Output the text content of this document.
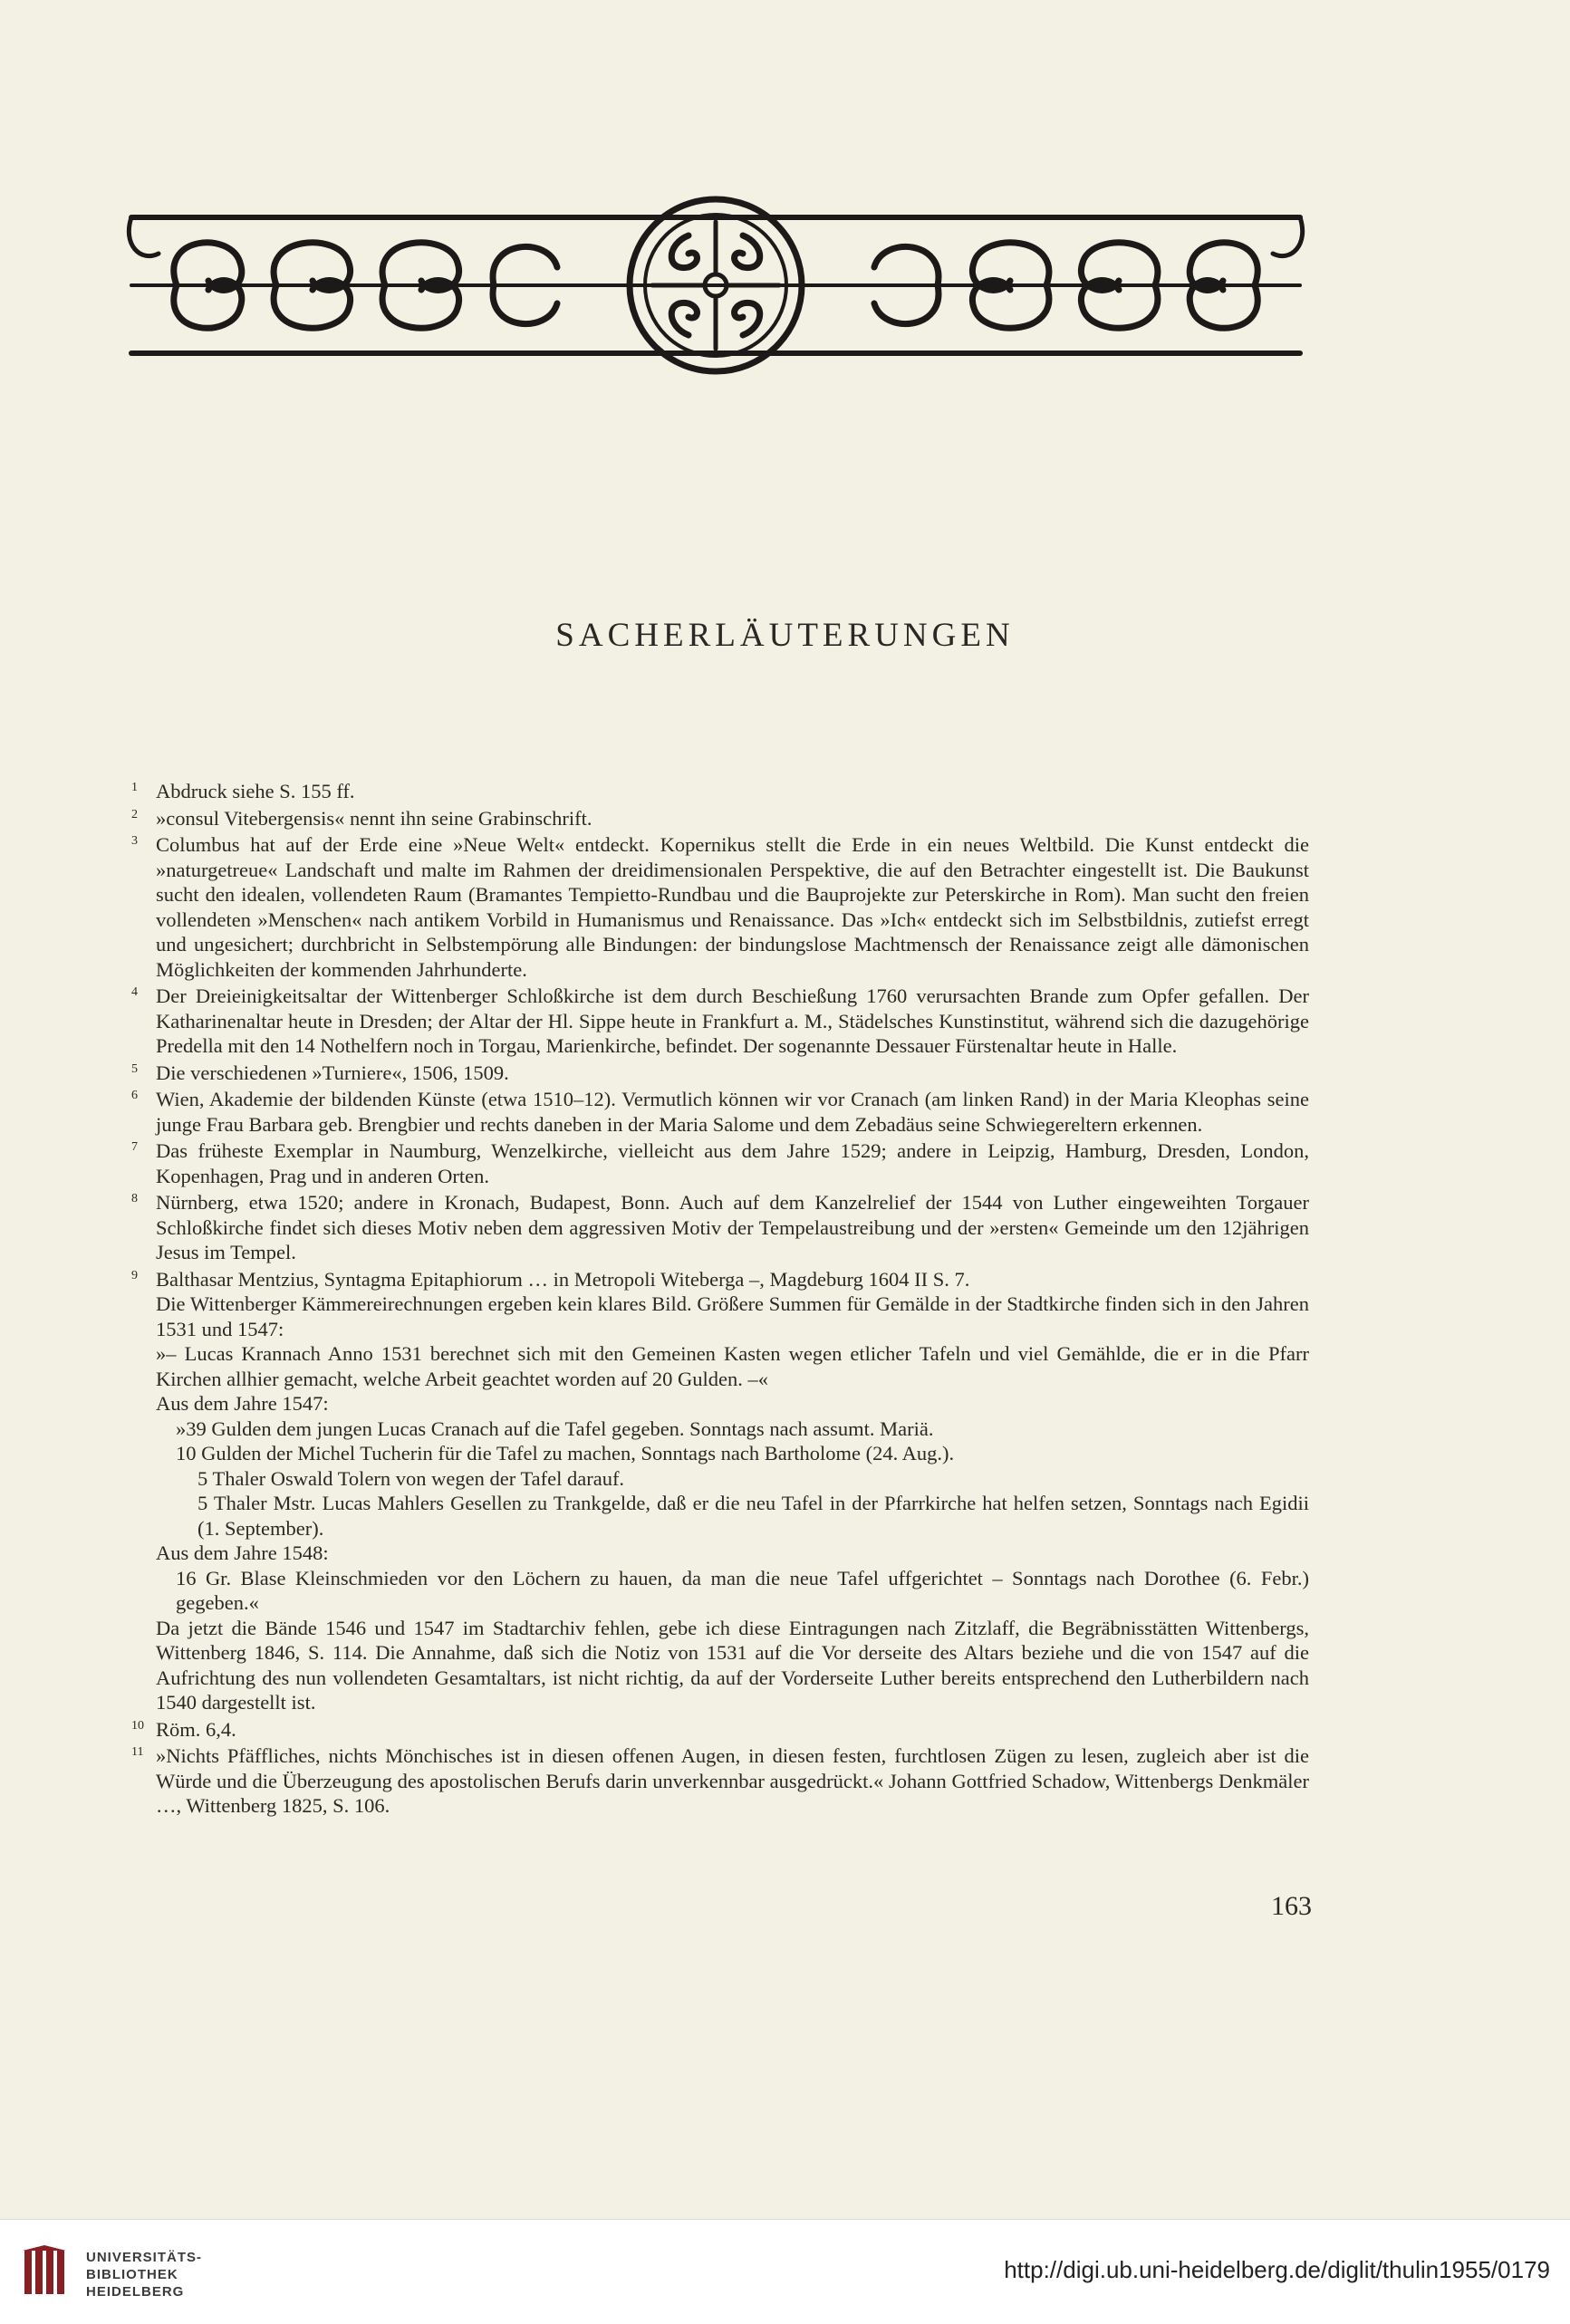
SACHERLÄUTERUNGEN
1 Abdruck siehe S. 155 ff.

2 »consul Vitebergensis« nennt ihn seine Grabinschrift.

3 Columbus hat auf der Erde eine »Neue Welt« entdeckt. Kopernikus stellt die Erde in ein neues Weltbild. Die Kunst entdeckt die »naturgetreue« Landschaft und malte im Rahmen der dreidimensionalen Perspektive, die auf den Betrachter eingestellt ist. Die Baukunst sucht den idealen, vollendeten Raum (Bramantes Tempietto-Rundbau und die Bauprojekte zur Peterskirche in Rom). Man sucht den freien vollendeten »Menschen« nach antikem Vorbild in Humanismus und Renaissance. Das »Ich« entdeckt sich im Selbstbildnis, zutiefst erregt und ungesichert; durchbricht in Selbstempörung alle Bindungen: der bindungslose Machtmensch der Renaissance zeigt alle dämonischen Möglichkeiten der kommenden Jahrhunderte.

4 Der Dreieinigkeitsaltar der Wittenberger Schloßkirche ist dem durch Beschießung 1760 verursachten Brande zum Opfer gefallen. Der Katharinenaltar heute in Dresden; der Altar der Hl. Sippe heute in Frankfurt a. M., Städelsches Kunstinstitut, während sich die dazugehörige Predella mit den 14 Nothelfern noch in Torgau, Marienkirche, befindet. Der sogenannte Dessauer Fürstenaltar heute in Halle.

5 Die verschiedenen »Turniere«, 1506, 1509.

6 Wien, Akademie der bildenden Künste (etwa 1510–12). Vermutlich können wir vor Cranach (am linken Rand) in der Maria Kleophas seine junge Frau Barbara geb. Brengbier und rechts daneben in der Maria Salome und dem Zebadäus seine Schwiegereltern erkennen.

7 Das früheste Exemplar in Naumburg, Wenzelkirche, vielleicht aus dem Jahre 1529; andere in Leipzig, Hamburg, Dresden, London, Kopenhagen, Prag und in anderen Orten.

8 Nürnberg, etwa 1520; andere in Kronach, Budapest, Bonn. Auch auf dem Kanzelrelief der 1544 von Luther eingeweihten Torgauer Schloßkirche findet sich dieses Motiv neben dem aggressiven Motiv der Tempelaustreibung und der »ersten« Gemeinde um den 12jährigen Jesus im Tempel.

9 Balthasar Mentzius, Syntagma Epitaphiorum … in Metropoli Witeberga –, Magdeburg 1604 II S. 7.

Die Wittenberger Kämmereirechnungen ergeben kein klares Bild. Größere Summen für Gemälde in der Stadtkirche finden sich in den Jahren 1531 und 1547:

»– Lucas Krannach Anno 1531 berechnet sich mit den Gemeinen Kasten wegen etlicher Tafeln und viel Gemählde, die er in die Pfarr Kirchen allhier gemacht, welche Arbeit geachtet worden auf 20 Gulden. –«

Aus dem Jahre 1547:

»39 Gulden dem jungen Lucas Cranach auf die Tafel gegeben. Sonntags nach assumt. Mariä.

10 Gulden der Michel Tucherin für die Tafel zu machen, Sonntags nach Bartholome (24. Aug.).

5 Thaler Oswald Tolern von wegen der Tafel darauf.

5 Thaler Mstr. Lucas Mahlers Gesellen zu Trankgelde, daß er die neu Tafel in der Pfarrkirche hat helfen setzen, Sonntags nach Egidii (1. September).

Aus dem Jahre 1548:

16 Gr. Blase Kleinschmieden vor den Löchern zu hauen, da man die neue Tafel uffgerichtet – Sonntags nach Dorothee (6. Febr.) gegeben.«

Da jetzt die Bände 1546 und 1547 im Stadtarchiv fehlen, gebe ich diese Eintragungen nach Zitzlaff, die Begräbnisstätten Wittenbergs, Wittenberg 1846, S. 114. Die Annahme, daß sich die Notiz von 1531 auf die Vor derseite des Altars beziehe und die von 1547 auf die Aufrichtung des nun vollendeten Gesamtaltars, ist nicht richtig, da auf der Vorderseite Luther bereits entsprechend den Lutherbildern nach 1540 dargestellt ist.

10 Röm. 6,4.

11 »Nichts Pfäffliches, nichts Mönchisches ist in diesen offenen Augen, in diesen festen, furchtlosen Zügen zu lesen, zugleich aber ist die Würde und die Überzeugung des apostolischen Berufs darin unverkennbar ausgedrückt.« Johann Gottfried Schadow, Wittenbergs Denkmäler …, Wittenberg 1825, S. 106.

163
UNIVERSITÄTS-
BIBLIOTHEK
HEIDELBERG
http://digi.ub.uni-heidelberg.de/diglit/thulin1955/0179
